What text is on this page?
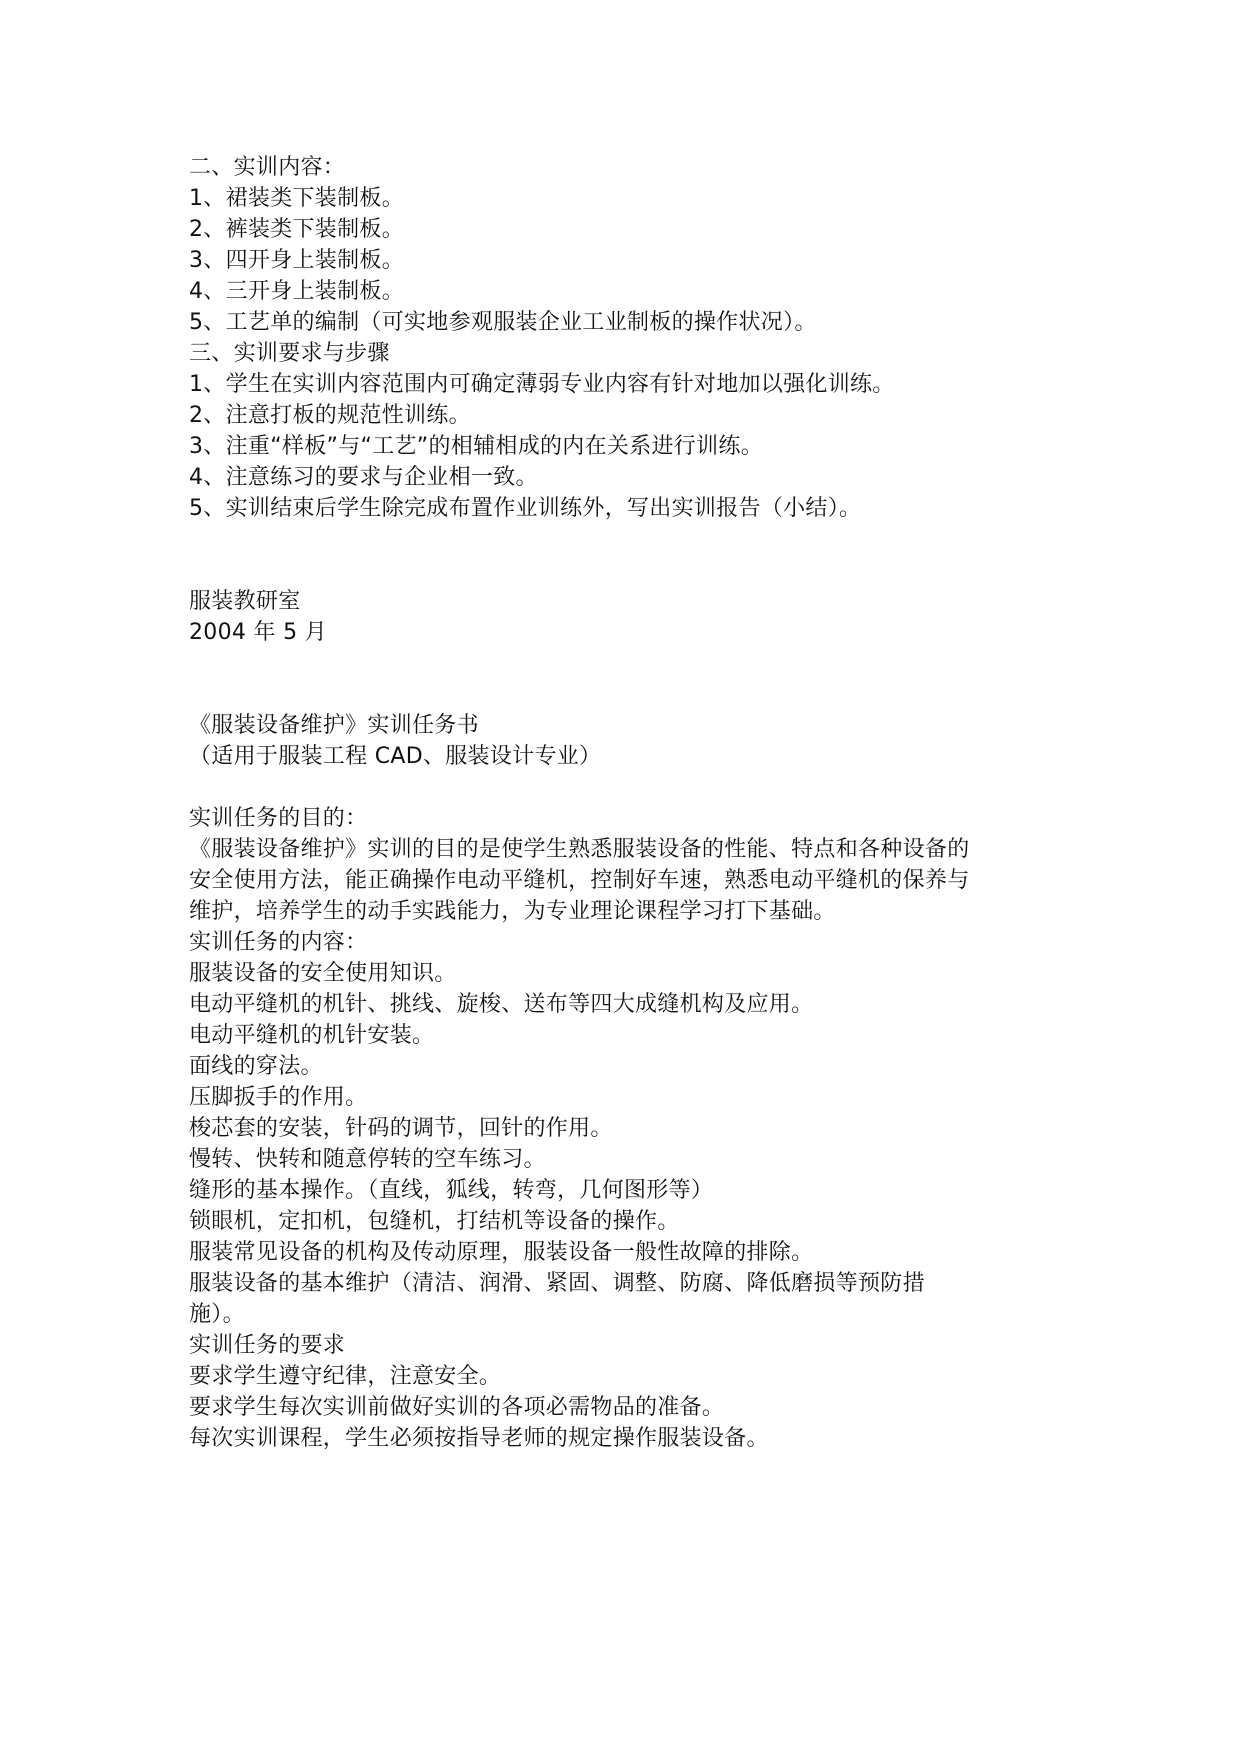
二、实训内容：
1、裙装类下装制板。
2、裤装类下装制板。
3、四开身上装制板。
4、三开身上装制板。
5、工艺单的编制（可实地参观服装企业工业制板的操作状况）。
三、实训要求与步骤
1、学生在实训内容范围内可确定薄弱专业内容有针对地加以强化训练。
2、注意打板的规范性训练。
3、注重“样板”与“工艺”的相辅相成的内在关系进行训练。
4、注意练习的要求与企业相一致。
5、实训结束后学生除完成布置作业训练外，写出实训报告（小结）。
服装教研室
2004 年 5 月
《服装设备维护》实训任务书
（适用于服装工程 CAD、服装设计专业）
实训任务的目的：
《服装设备维护》实训的目的是使学生熟悉服装设备的性能、特点和各种设备的
安全使用方法，能正确操作电动平缝机，控制好车速，熟悉电动平缝机的保养与
维护，培养学生的动手实践能力，为专业理论课程学习打下基础。
实训任务的内容：
服装设备的安全使用知识。
电动平缝机的机针、挑线、旋梭、送布等四大成缝机构及应用。
电动平缝机的机针安装。
面线的穿法。
压脚扳手的作用。
梭芯套的安装，针码的调节，回针的作用。
慢转、快转和随意停转的空车练习。
缝形的基本操作。（直线，狐线，转弯，几何图形等）
锁眼机，定扣机，包缝机，打结机等设备的操作。
服装常见设备的机构及传动原理，服装设备一般性故障的排除。
服装设备的基本维护（清洁、润滑、紧固、调整、防腐、降低磨损等预防措
施）。
实训任务的要求
要求学生遵守纪律，注意安全。
要求学生每次实训前做好实训的各项必需物品的准备。
每次实训课程，学生必须按指导老师的规定操作服装设备。
